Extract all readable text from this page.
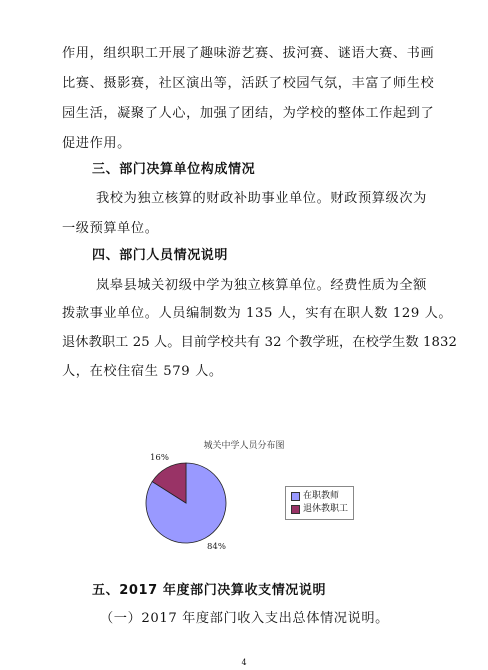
作用，组织职工开展了趣味游艺赛、拔河赛、谜语大赛、书画
比赛、摄影赛，社区演出等，活跃了校园气氛，丰富了师生校
园生活，凝聚了人心，加强了团结，为学校的整体工作起到了
促进作用。
三、部门决算单位构成情况
我校为独立核算的财政补助事业单位。财政预算级次为
一级预算单位。
四、部门人员情况说明
岚皋县城关初级中学为独立核算单位。经费性质为全额
拨款事业单位。人员编制数为 135 人，实有在职人数 129 人。
退休教职工 25 人。目前学校共有 32 个教学班，在校学生数 1832
人，在校住宿生 579 人。
城关中学人员分布图
16%
84%
在职教师
退休教职工
五、2017 年度部门决算收支情况说明
（一）2017 年度部门收入支出总体情况说明。
4
